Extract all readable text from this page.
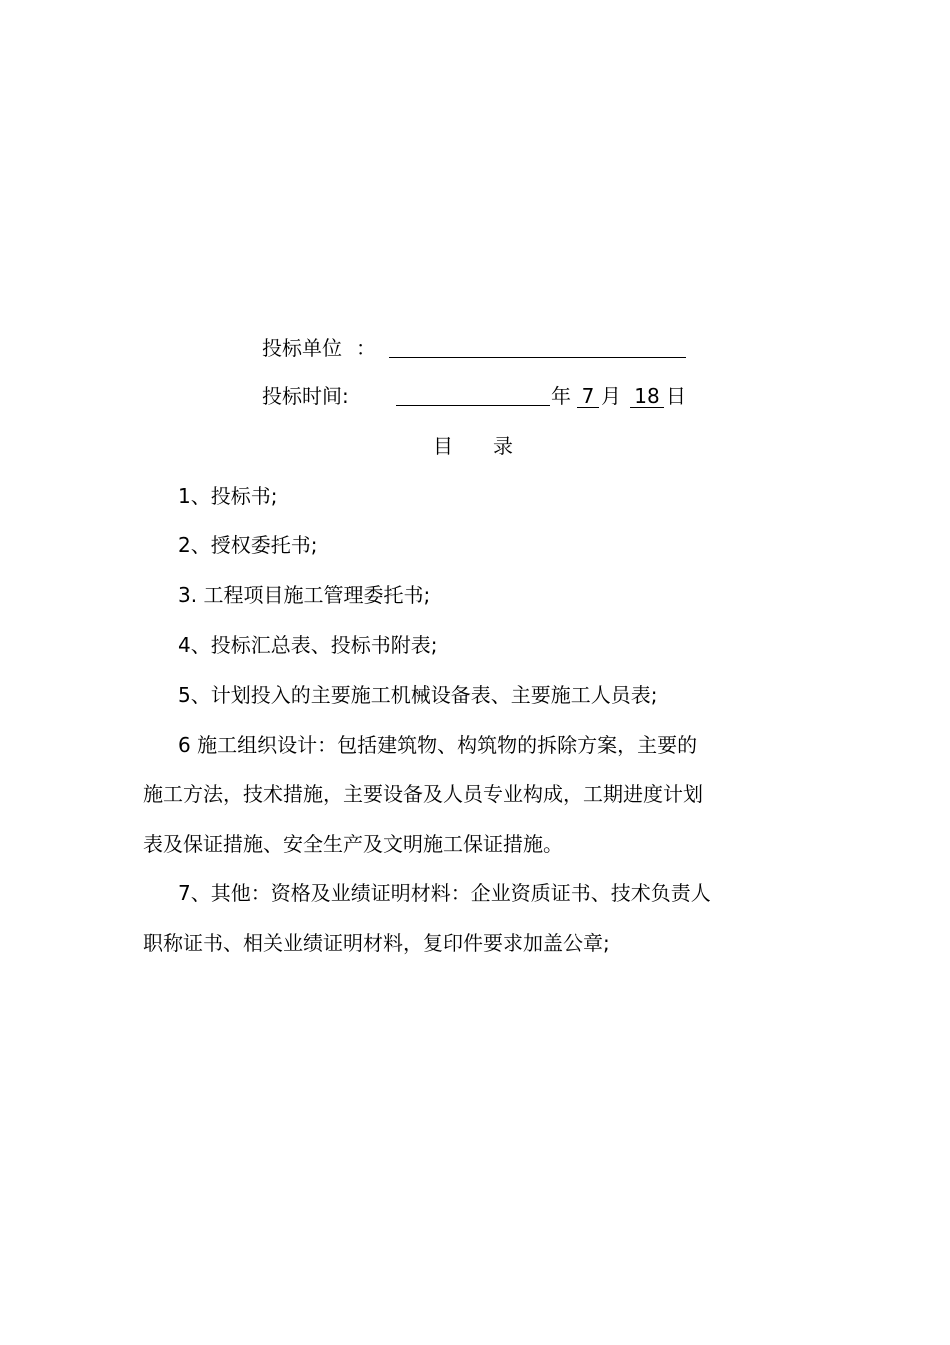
投标单位 ：
投标时间:	年 7 月 18 日
目　　录
1、投标书;
2、授权委托书;
3. 工程项目施工管理委托书;
4、投标汇总表、投标书附表;
5、计划投入的主要施工机械设备表、主要施工人员表;
6 施工组织设计：包括建筑物、构筑物的拆除方案，主要的
施工方法，技术措施，主要设备及人员专业构成，工期进度计划
表及保证措施、安全生产及文明施工保证措施。
7、其他：资格及业绩证明材料：企业资质证书、技术负责人
职称证书、相关业绩证明材料，复印件要求加盖公章;
